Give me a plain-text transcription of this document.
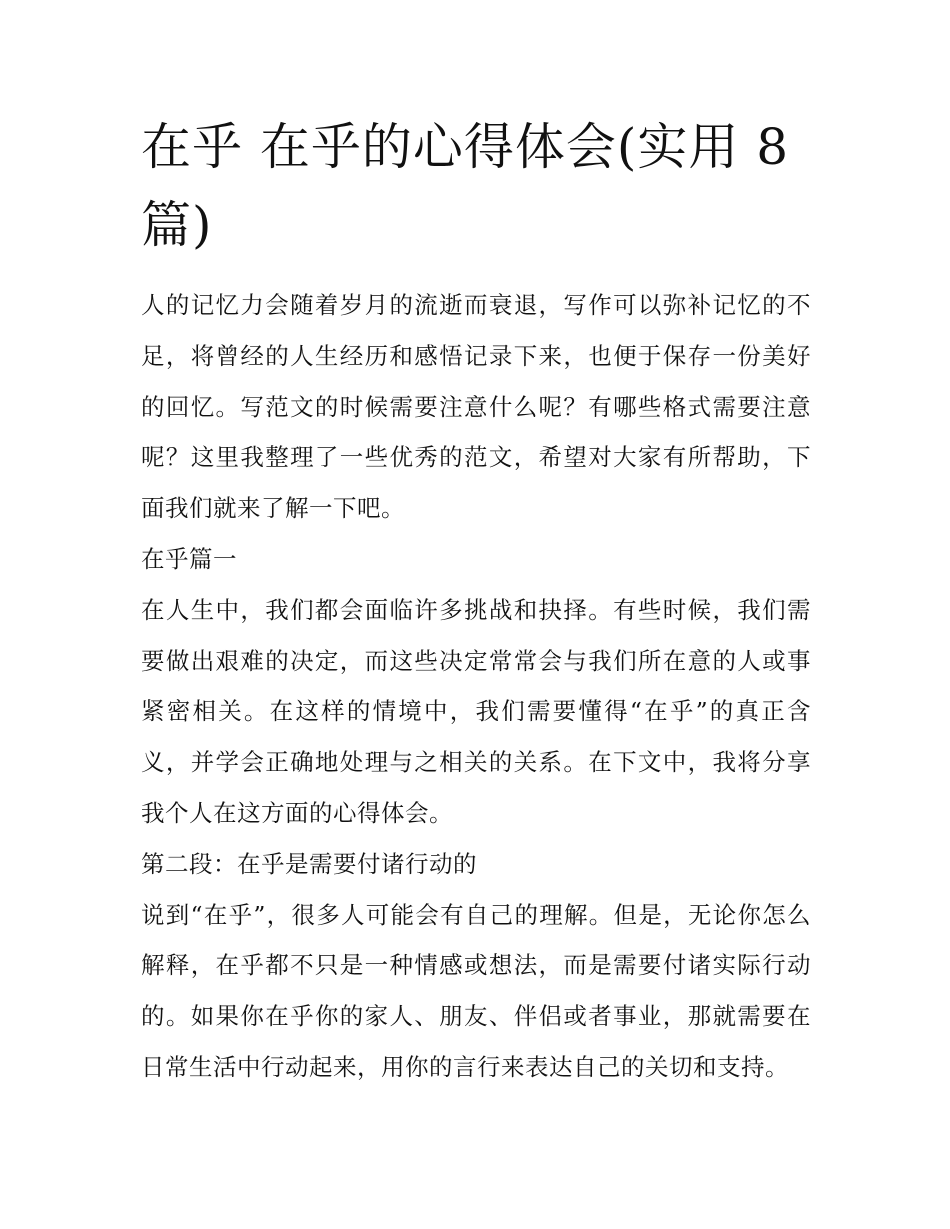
在乎 在乎的心得体会(实用 8 篇)

人的记忆力会随着岁月的流逝而衰退，写作可以弥补记忆的不足，将曾经的人生经历和感悟记录下来，也便于保存一份美好的回忆。写范文的时候需要注意什么呢？有哪些格式需要注意呢？这里我整理了一些优秀的范文，希望对大家有所帮助，下面我们就来了解一下吧。

在乎篇一

在人生中，我们都会面临许多挑战和抉择。有些时候，我们需要做出艰难的决定，而这些决定常常会与我们所在意的人或事紧密相关。在这样的情境中，我们需要懂得“在乎”的真正含义，并学会正确地处理与之相关的关系。在下文中，我将分享我个人在这方面的心得体会。

第二段：在乎是需要付诸行动的

说到“在乎”，很多人可能会有自己的理解。但是，无论你怎么解释，在乎都不只是一种情感或想法，而是需要付诸实际行动的。如果你在乎你的家人、朋友、伴侣或者事业，那就需要在日常生活中行动起来，用你的言行来表达自己的关切和支持。
